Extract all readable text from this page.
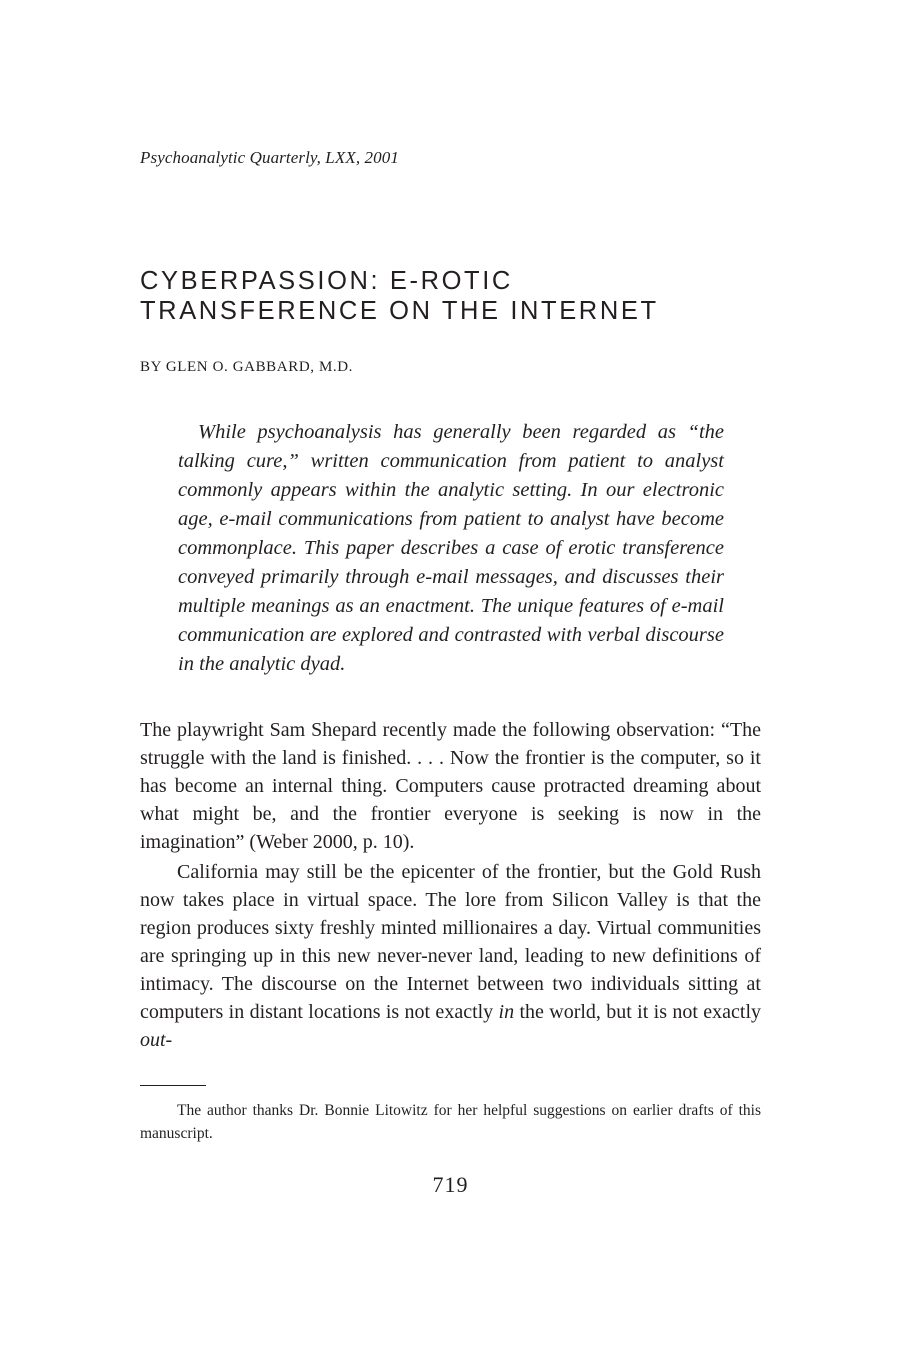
Psychoanalytic Quarterly, LXX, 2001
CYBERPASSION: E-ROTIC
TRANSFERENCE ON THE INTERNET
BY GLEN O. GABBARD, M.D.

While psychoanalysis has generally been regarded as “the talking cure,” written communication from patient to analyst commonly appears within the analytic setting. In our electronic age, e-mail communications from patient to analyst have become commonplace. This paper describes a case of erotic transference conveyed primarily through e-mail messages, and discusses their multiple meanings as an enactment. The unique features of e-mail communication are explored and contrasted with verbal discourse in the analytic dyad.

The playwright Sam Shepard recently made the following observation: “The struggle with the land is finished. . . . Now the frontier is the computer, so it has become an internal thing. Computers cause protracted dreaming about what might be, and the frontier everyone is seeking is now in the imagination” (Weber 2000, p. 10).

California may still be the epicenter of the frontier, but the Gold Rush now takes place in virtual space. The lore from Silicon Valley is that the region produces sixty freshly minted millionaires a day. Virtual communities are springing up in this new never-never land, leading to new definitions of intimacy. The discourse on the Internet between two individuals sitting at computers in distant locations is not exactly in the world, but it is not exactly out-

The author thanks Dr. Bonnie Litowitz for her helpful suggestions on earlier drafts of this manuscript.

719
